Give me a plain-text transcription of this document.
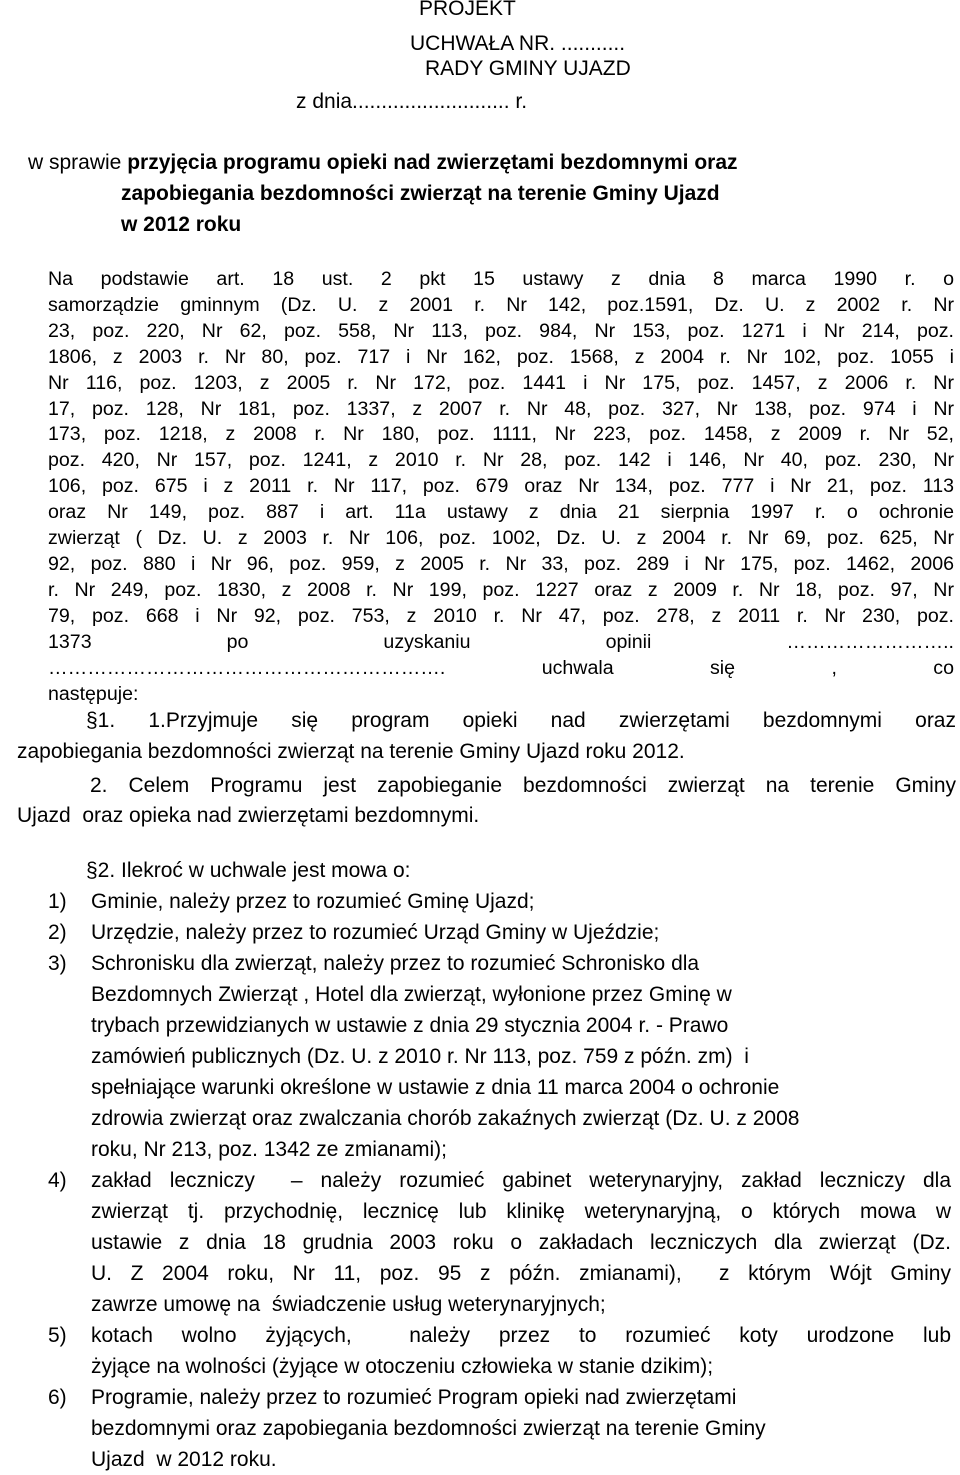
PROJEKT
UCHWAŁA NR. ...........
RADY GMINY UJAZD
z dnia........................... r.
w sprawie przyjęcia programu opieki nad zwierzętami bezdomnymi oraz
zapobiegania bezdomności zwierząt na terenie Gminy Ujazd
w 2012 roku
Na podstawie art. 18 ust. 2 pkt 15 ustawy z dnia 8 marca 1990 r. o
samorządzie gminnym (Dz. U. z 2001 r. Nr 142, poz.1591, Dz. U. z 2002 r. Nr
23, poz. 220, Nr 62, poz. 558, Nr 113, poz. 984, Nr 153, poz. 1271 i Nr 214, poz.
1806, z 2003 r. Nr 80, poz. 717 i Nr 162, poz. 1568, z 2004 r. Nr 102, poz. 1055 i
Nr 116, poz. 1203, z 2005 r. Nr 172, poz. 1441 i Nr 175, poz. 1457, z 2006 r. Nr
17, poz. 128, Nr 181, poz. 1337, z 2007 r. Nr 48, poz. 327, Nr 138, poz. 974 i Nr
173, poz. 1218, z 2008 r. Nr 180, poz. 1111, Nr 223, poz. 1458, z 2009 r. Nr 52,
poz. 420, Nr 157, poz. 1241, z 2010 r. Nr 28, poz. 142 i 146, Nr 40, poz. 230, Nr
106, poz. 675 i z 2011 r. Nr 117, poz. 679 oraz Nr 134, poz. 777 i Nr 21, poz. 113
oraz Nr 149, poz. 887 i art. 11a ustawy z dnia 21 sierpnia 1997 r. o ochronie
zwierząt ( Dz. U. z 2003 r. Nr 106, poz. 1002, Dz. U. z 2004 r. Nr 69, poz. 625, Nr
92, poz. 880 i Nr 96, poz. 959, z 2005 r. Nr 33, poz. 289 i Nr 175, poz. 1462, 2006
r. Nr 249, poz. 1830, z 2008 r. Nr 199, poz. 1227 oraz z 2009 r. Nr 18, poz. 97, Nr
79, poz. 668 i Nr 92, poz. 753, z 2010 r. Nr 47, poz. 278, z 2011 r. Nr 230, poz.
1373 po uzyskaniu opinii ……………………..
……………………………………………………. uchwala się , co
następuje:
§1. 1.Przyjmuje się program opieki nad zwierzętami bezdomnymi oraz
zapobiegania bezdomności zwierząt na terenie Gminy Ujazd roku 2012.
2. Celem Programu jest zapobieganie bezdomności zwierząt na terenie Gminy
Ujazd  oraz opieka nad zwierzętami bezdomnymi.
§2. Ilekroć w uchwale jest mowa o:
1) Gminie, należy przez to rozumieć Gminę Ujazd;
2) Urzędzie, należy przez to rozumieć Urząd Gminy w Ujeździe;
3) Schronisku dla zwierząt, należy przez to rozumieć Schronisko dla
Bezdomnych Zwierząt , Hotel dla zwierząt, wyłonione przez Gminę w
trybach przewidzianych w ustawie z dnia 29 stycznia 2004 r. - Prawo
zamówień publicznych (Dz. U. z 2010 r. Nr 113, poz. 759 z późn. zm)  i
spełniające warunki określone w ustawie z dnia 11 marca 2004 o ochronie
zdrowia zwierząt oraz zwalczania chorób zakaźnych zwierząt (Dz. U. z 2008
roku, Nr 213, poz. 1342 ze zmianami);
4) zakład leczniczy  – należy rozumieć gabinet weterynaryjny, zakład leczniczy dla
zwierząt tj. przychodnię, lecznicę lub klinikę weterynaryjną, o których mowa w
ustawie z dnia 18 grudnia 2003 roku o zakładach leczniczych dla zwierząt (Dz.
U. Z 2004 roku, Nr 11, poz. 95 z późn. zmianami),  z którym Wójt Gminy
zawrze umowę na  świadczenie usług weterynaryjnych;
5) kotach wolno żyjących,  należy przez to rozumieć koty urodzone lub
żyjące na wolności (żyjące w otoczeniu człowieka w stanie dzikim);
6) Programie, należy przez to rozumieć Program opieki nad zwierzętami
bezdomnymi oraz zapobiegania bezdomności zwierząt na terenie Gminy
Ujazd  w 2012 roku.
